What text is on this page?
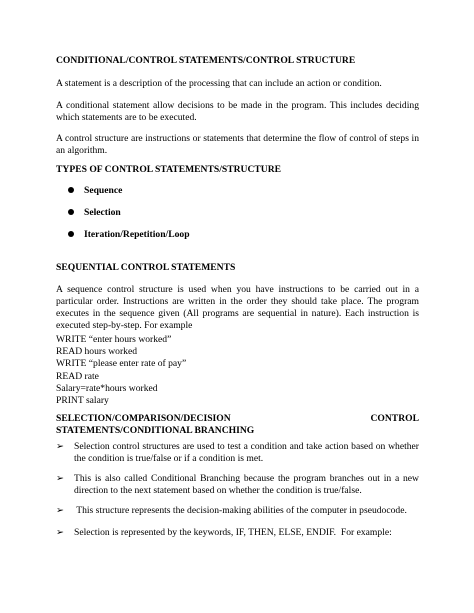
CONDITIONAL/CONTROL STATEMENTS/CONTROL STRUCTURE
A statement is a description of the processing that can include an action or condition.
A conditional statement allow decisions to be made in the program. This includes deciding which statements are to be executed.
A control structure are instructions or statements that determine the flow of control of steps in an algorithm.
TYPES OF CONTROL STATEMENTS/STRUCTURE
Sequence
Selection
Iteration/Repetition/Loop
SEQUENTIAL CONTROL STATEMENTS
A sequence control structure is used when you have instructions to be carried out in a particular order. Instructions are written in the order they should take place. The program executes in the sequence given (All programs are sequential in nature). Each instruction is executed step-by-step. For example
WRITE “enter hours worked”
READ hours worked
WRITE “please enter rate of pay”
READ rate
Salary=rate*hours worked
PRINT salary
SELECTION/COMPARISON/DECISION CONTROL STATEMENTS/CONDITIONAL BRANCHING
➢ Selection control structures are used to test a condition and take action based on whether the condition is true/false or if a condition is met.
➢ This is also called Conditional Branching because the program branches out in a new direction to the next statement based on whether the condition is true/false.
➢ This structure represents the decision-making abilities of the computer in pseudocode.
➢ Selection is represented by the keywords, IF, THEN, ELSE, ENDIF.  For example:
